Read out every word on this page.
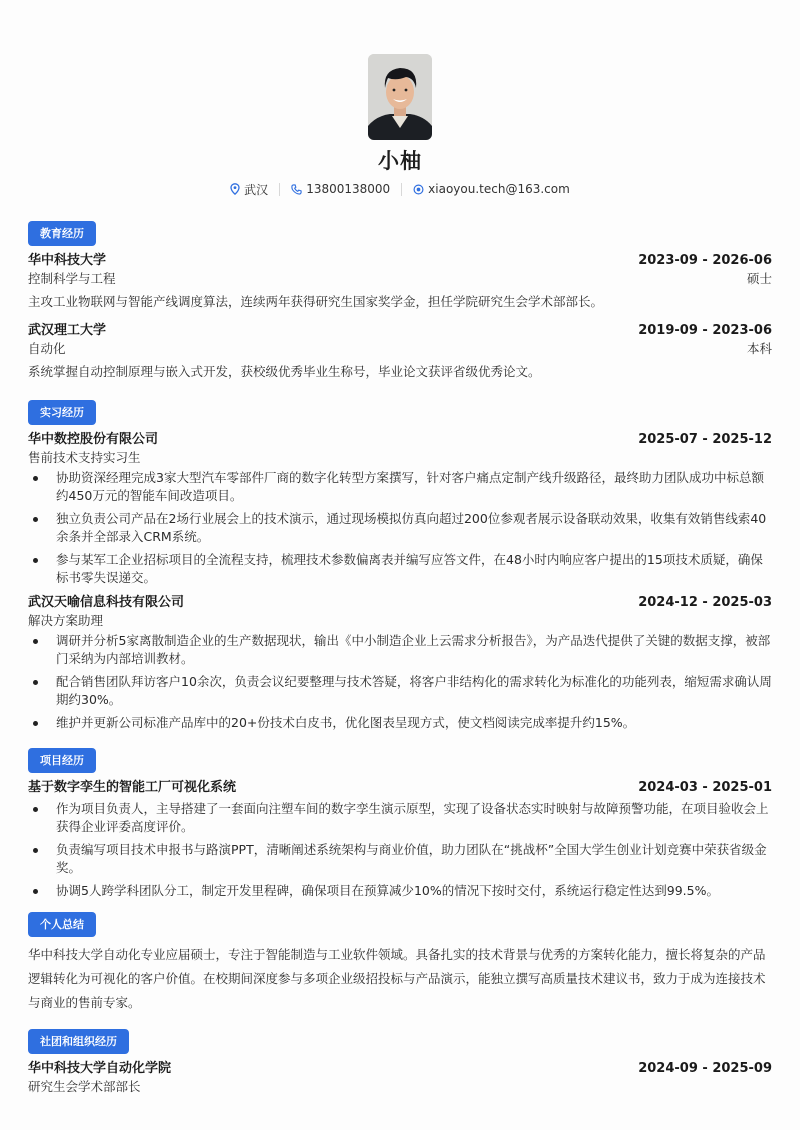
小柚
武汉	13800138000	xiaoyou.tech@163.com
教育经历
华中科技大学	2023-09 - 2026-06
控制科学与工程	硕士
主攻工业物联网与智能产线调度算法，连续两年获得研究生国家奖学金，担任学院研究生会学术部部长。
武汉理工大学	2019-09 - 2023-06
自动化	本科
系统掌握自动控制原理与嵌入式开发，获校级优秀毕业生称号，毕业论文获评省级优秀论文。
实习经历
华中数控股份有限公司	2025-07 - 2025-12
售前技术支持实习生
协助资深经理完成3家大型汽车零部件厂商的数字化转型方案撰写，针对客户痛点定制产线升级路径，最终助力团队成功中标总额约450万元的智能车间改造项目。
独立负责公司产品在2场行业展会上的技术演示，通过现场模拟仿真向超过200位参观者展示设备联动效果，收集有效销售线索40余条并全部录入CRM系统。
参与某军工企业招标项目的全流程支持，梳理技术参数偏离表并编写应答文件，在48小时内响应客户提出的15项技术质疑，确保标书零失误递交。
武汉天喻信息科技有限公司	2024-12 - 2025-03
解决方案助理
调研并分析5家离散制造企业的生产数据现状，输出《中小制造企业上云需求分析报告》，为产品迭代提供了关键的数据支撑，被部门采纳为内部培训教材。
配合销售团队拜访客户10余次，负责会议纪要整理与技术答疑，将客户非结构化的需求转化为标准化的功能列表，缩短需求确认周期约30%。
维护并更新公司标准产品库中的20+份技术白皮书，优化图表呈现方式，使文档阅读完成率提升约15%。
项目经历
基于数字孪生的智能工厂可视化系统	2024-03 - 2025-01
作为项目负责人，主导搭建了一套面向注塑车间的数字孪生演示原型，实现了设备状态实时映射与故障预警功能，在项目验收会上获得企业评委高度评价。
负责编写项目技术申报书与路演PPT，清晰阐述系统架构与商业价值，助力团队在“挑战杯”全国大学生创业计划竞赛中荣获省级金奖。
协调5人跨学科团队分工，制定开发里程碑，确保项目在预算减少10%的情况下按时交付，系统运行稳定性达到99.5%。
个人总结
华中科技大学自动化专业应届硕士，专注于智能制造与工业软件领域。具备扎实的技术背景与优秀的方案转化能力，擅长将复杂的产品逻辑转化为可视化的客户价值。在校期间深度参与多项企业级招投标与产品演示，能独立撰写高质量技术建议书，致力于成为连接技术与商业的售前专家。
社团和组织经历
华中科技大学自动化学院	2024-09 - 2025-09
研究生会学术部部长
